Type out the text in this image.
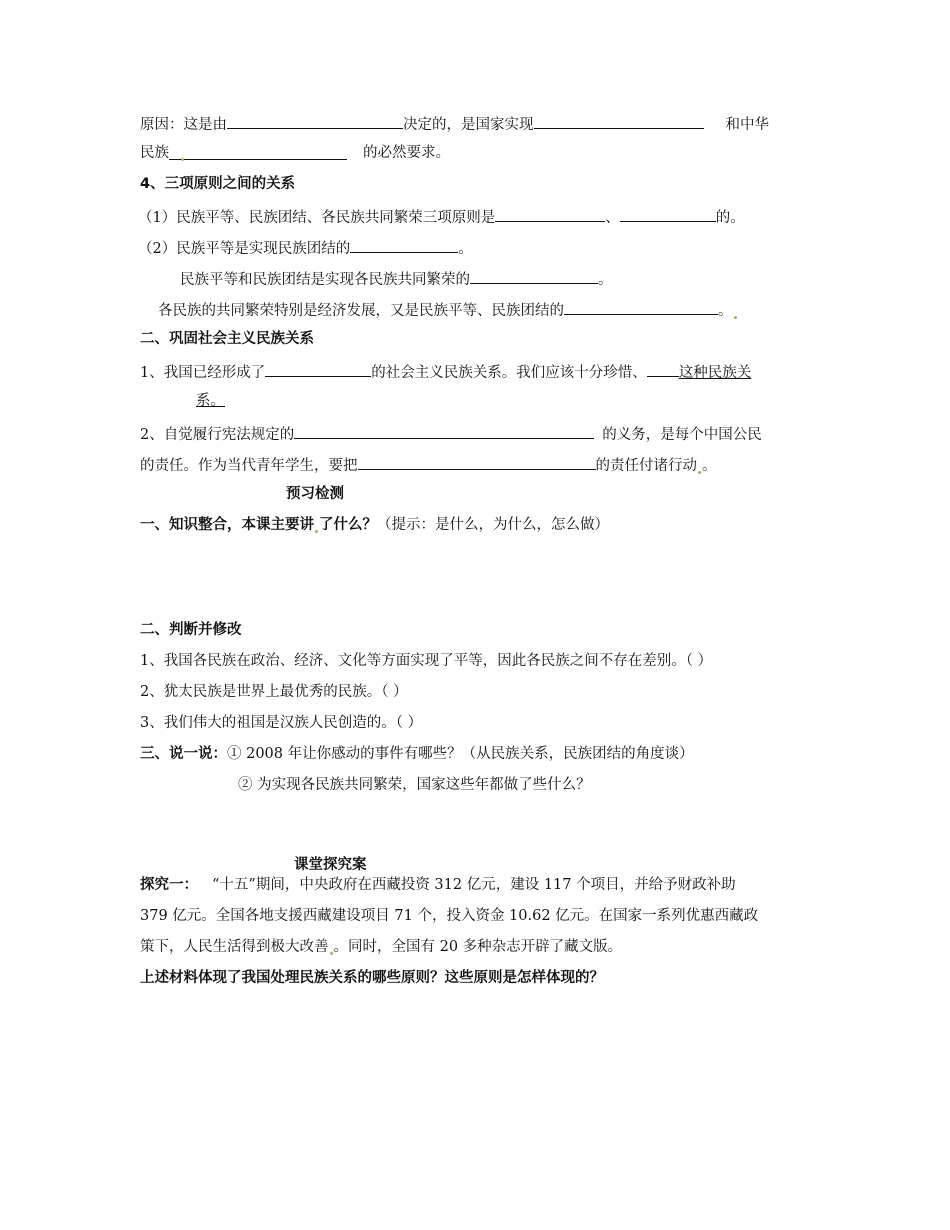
原因：这是由	决定的，是国家实现	和中华
民族	的必然要求。
4、三项原则之间的关系
（1）民族平等、民族团结、各民族共同繁荣三项原则是	、	的。
（2）民族平等是实现民族团结的	。
民族平等和民族团结是实现各民族共同繁荣的	。
各民族的共同繁荣特别是经济发展，又是民族平等、民族团结的	。
二、巩固社会主义民族关系
1、我国已经形成了	的社会主义民族关系。我们应该十分珍惜、 这种民族关
系。
2、自觉履行宪法规定的	的义务，是每个中国公民
的责任。作为当代青年学生，要把	的责任付诸行动 。
预习检测
一、知识整合，本课主要讲 了什么？（提示：是什么，为什么，怎么做）
二、判断并修改
1、我国各民族在政治、经济、文化等方面实现了平等，因此各民族之间不存在差别。（ ）
2、犹太民族是世界上最优秀的民族。（ ）
3、我们伟大的祖国是汉族人民创造的。（ ）
三、说一说：① 2008 年让你感动的事件有哪些？（从民族关系，民族团结的角度谈）
② 为实现各民族共同繁荣，国家这些年都做了些什么？
课堂探究案
探究一： “十五”期间，中央政府在西藏投资 312 亿元，建设 117 个项目，并给予财政补助
379 亿元。全国各地支援西藏建设项目 71 个，投入资金 10.62 亿元。在国家一系列优惠西藏政
策下，人民生活得到极大改善 。同时，全国有 20 多种杂志开辟了藏文版。
上述材料体现了我国处理民族关系的哪些原则？这些原则是怎样体现的？
